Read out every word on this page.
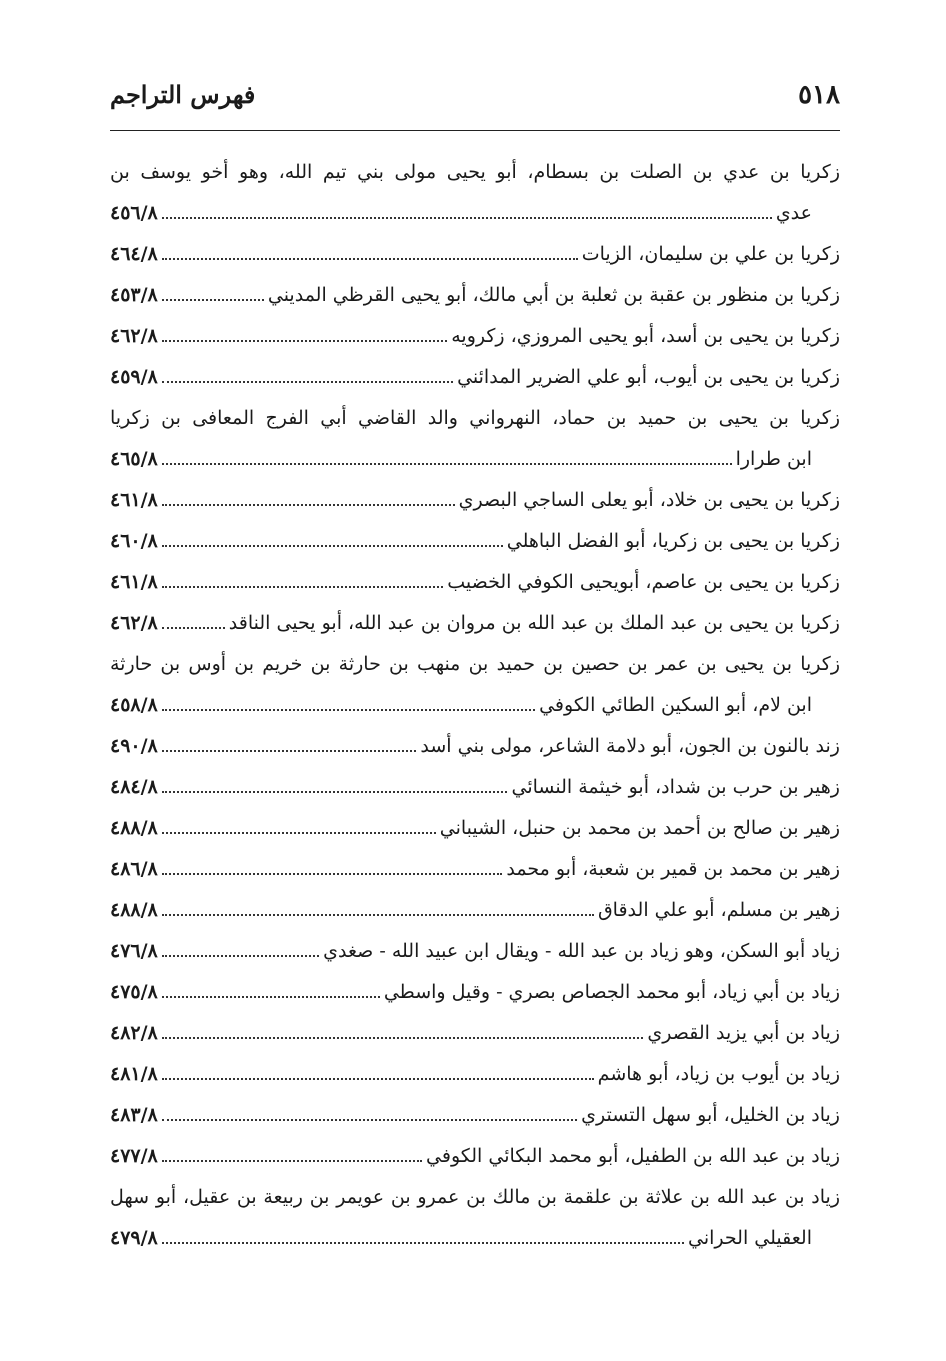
٥١٨
فهرس التراجم
زكريا بن عدي بن الصلت بن بسطام، أبو يحيى مولى بني تيم الله، وهو أخو يوسف بن
عدي
٤٥٦/٨
زكريا بن علي بن سليمان، الزيات
٤٦٤/٨
زكريا بن منظور بن عقبة بن ثعلبة بن أبي مالك، أبو يحيى القرظي المديني
٤٥٣/٨
زكريا بن يحيى بن أسد، أبو يحيى المروزي، زكرويه
٤٦٢/٨
زكريا بن يحيى بن أيوب، أبو علي الضرير المدائني
٤٥٩/٨
زكريا بن يحيى بن حميد بن حماد، النهرواني والد القاضي أبي الفرج المعافى بن زكريا
ابن طرارا
٤٦٥/٨
زكريا بن يحيى بن خلاد، أبو يعلى الساجي البصري
٤٦١/٨
زكريا بن يحيى بن زكريا، أبو الفضل الباهلي
٤٦٠/٨
زكريا بن يحيى بن عاصم، أبويحيى الكوفي الخضيب
٤٦١/٨
زكريا بن يحيى بن عبد الملك بن عبد الله بن مروان بن عبد الله، أبو يحيى الناقد
٤٦٢/٨
زكريا بن يحيى بن عمر بن حصين بن حميد بن منهب بن حارثة بن خريم بن أوس بن حارثة
ابن لام، أبو السكين الطائي الكوفي
٤٥٨/٨
زند بالنون بن الجون، أبو دلامة الشاعر، مولى بني أسد
٤٩٠/٨
زهير بن حرب بن شداد، أبو خيثمة النسائي
٤٨٤/٨
زهير بن صالح بن أحمد بن محمد بن حنبل، الشيباني
٤٨٨/٨
زهير بن محمد بن قمير بن شعبة، أبو محمد
٤٨٦/٨
زهير بن مسلم، أبو علي الدقاق
٤٨٨/٨
زياد أبو السكن، وهو زياد بن عبد الله - ويقال ابن عبيد الله - صغدي
٤٧٦/٨
زياد بن أبي زياد، أبو محمد الجصاص بصري - وقيل واسطي
٤٧٥/٨
زياد بن أبي يزيد القصري
٤٨٢/٨
زياد بن أيوب بن زياد، أبو هاشم
٤٨١/٨
زياد بن الخليل، أبو سهل التستري
٤٨٣/٨
زياد بن عبد الله بن الطفيل، أبو محمد البكائي الكوفي
٤٧٧/٨
زياد بن عبد الله بن علاثة بن علقمة بن مالك بن عمرو بن عويمر بن ربيعة بن عقيل، أبو سهل
العقيلي الحراني
٤٧٩/٨
